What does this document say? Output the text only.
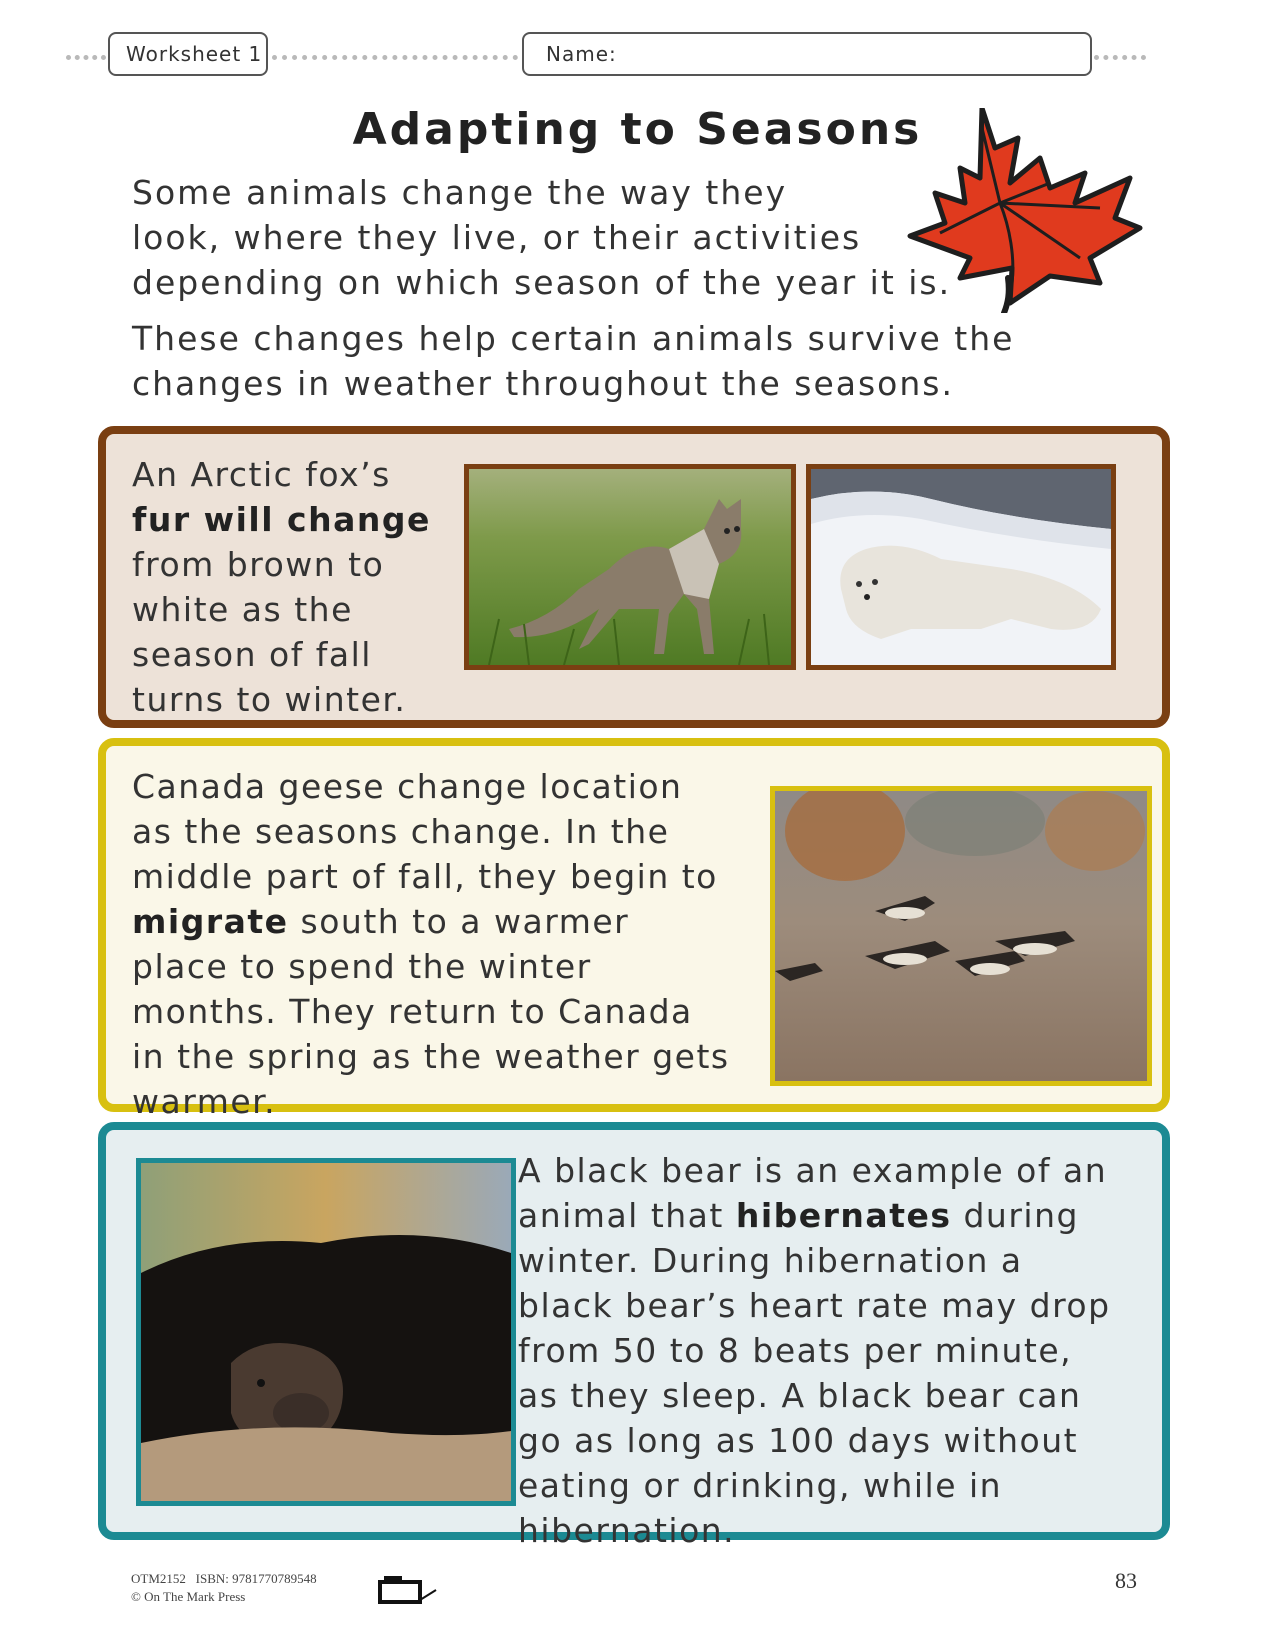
Worksheet 1	Name:
Adapting to Seasons

Some animals change the way they
look, where they live, or their activities
depending on which season of the year it is.

These changes help certain animals survive the
changes in weather throughout the seasons.

An Arctic fox’s fur will change from brown to white as the season of fall turns to winter.

Canada geese change location as the seasons change. In the middle part of fall, they begin to migrate south to a warmer place to spend the winter months. They return to Canada in the spring as the weather gets warmer.

A black bear is an example of an animal that hibernates during winter. During hibernation a black bear’s heart rate may drop from 50 to 8 beats per minute, as they sleep. A black bear can go as long as 100 days without eating or drinking, while in hibernation.

OTM2152 ISBN: 9781770789548
© On The Mark Press
83
